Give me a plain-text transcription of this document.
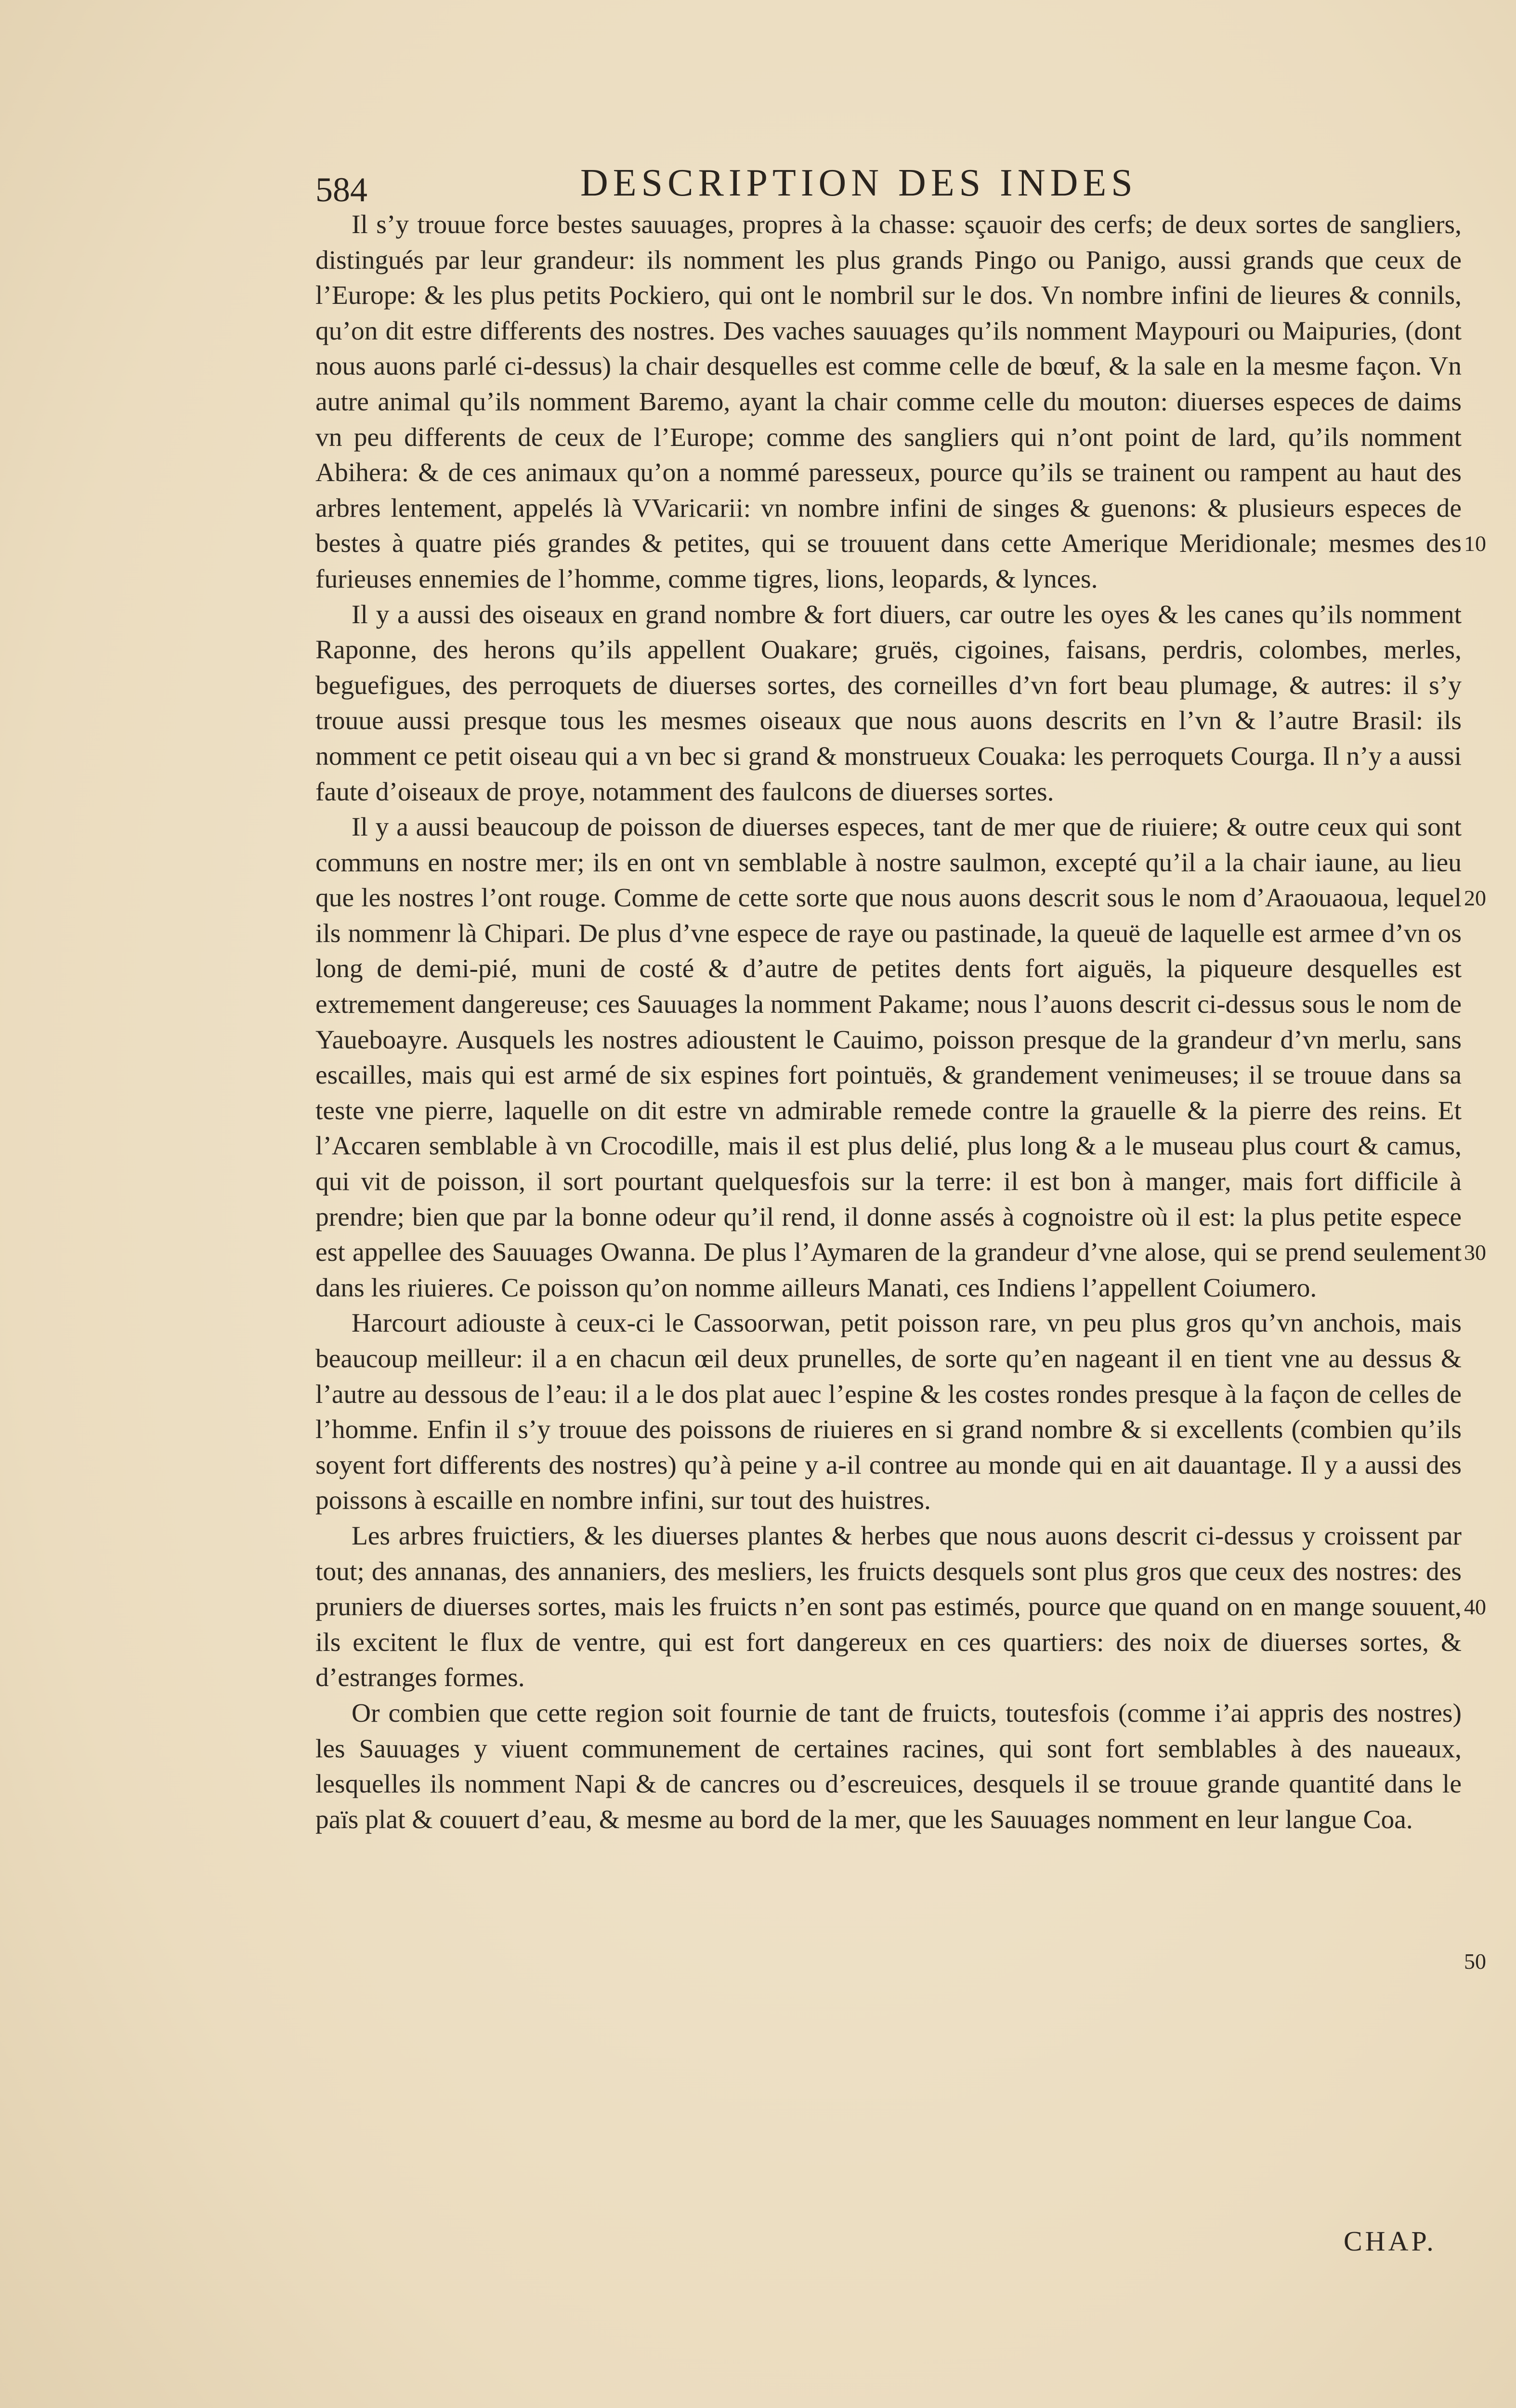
584	DESCRIPTION DES INDES

Il s’y trouue force bestes sauuages, propres à la chasse: sçauoir des cerfs; de deux sortes de sangliers, distingués par leur grandeur: ils nomment les plus grands Pingo ou Panigo, aussi grands que ceux de l’Europe: & les plus petits Pockiero, qui ont le nombril sur le dos. Vn nombre infini de lieures & connils, qu’on dit estre differents des nostres. Des vaches sauuages qu’ils nomment Maypouri ou Maipuries, (dont nous auons parlé ci-dessus) la chair desquelles est comme celle de bœuf, & la sale en la mesme façon. Vn autre animal qu’ils nomment Baremo, ayant la chair comme celle du mouton: diuerses especes de daims vn peu differents de ceux de l’Europe; comme des sangliers qui n’ont point de lard, qu’ils nomment Abihera: & de ces animaux qu’on a nommé paresseux, pource qu’ils se trainent ou rampent au haut des arbres lentement, appelés là VVaricarii: vn nombre infini de singes & guenons: & plusieurs especes de bestes à quatre piés grandes & petites, qui se trouuent dans cette Amerique Meridionale; mesmes des furieuses ennemies de l’homme, comme tigres, lions, leopards, & lynces.

Il y a aussi des oiseaux en grand nombre & fort diuers, car outre les oyes & les canes qu’ils nomment Raponne, des herons qu’ils appellent Ouakare; gruës, cigoines, faisans, perdris, colombes, merles, beguefigues, des perroquets de diuerses sortes, des corneilles d’vn fort beau plumage, & autres: il s’y trouue aussi presque tous les mesmes oiseaux que nous auons descrits en l’vn & l’autre Brasil: ils nomment ce petit oiseau qui a vn bec si grand & monstrueux Couaka: les perroquets Courga. Il n’y a aussi faute d’oiseaux de proye, notamment des faulcons de diuerses sortes.

Il y a aussi beaucoup de poisson de diuerses especes, tant de mer que de riuiere; & outre ceux qui sont communs en nostre mer; ils en ont vn semblable à nostre saulmon, excepté qu’il a la chair iaune, au lieu que les nostres l’ont rouge. Comme de cette sorte que nous auons descrit sous le nom d’Araouaoua, lequel ils nommenr là Chipari. De plus d’vne espece de raye ou pastinade, la queuë de laquelle est armee d’vn os long de demi-pié, muni de costé & d’autre de petites dents fort aiguës, la piqueure desquelles est extremement dangereuse; ces Sauuages la nomment Pakame; nous l’auons descrit ci-dessus sous le nom de Yaueboayre. Ausquels les nostres adioustent le Cauimo, poisson presque de la grandeur d’vn merlu, sans escailles, mais qui est armé de six espines fort pointuës, & grandement venimeuses; il se trouue dans sa teste vne pierre, laquelle on dit estre vn admirable remede contre la grauelle & la pierre des reins. Et l’Accaren semblable à vn Crocodille, mais il est plus delié, plus long & a le museau plus court & camus, qui vit de poisson, il sort pourtant quelquesfois sur la terre: il est bon à manger, mais fort difficile à prendre; bien que par la bonne odeur qu’il rend, il donne assés à cognoistre où il est: la plus petite espece est appellee des Sauuages Owanna. De plus l’Aymaren de la grandeur d’vne alose, qui se prend seulement dans les riuieres. Ce poisson qu’on nomme ailleurs Manati, ces Indiens l’appellent Coiumero.

Harcourt adiouste à ceux-ci le Cassoorwan, petit poisson rare, vn peu plus gros qu’vn anchois, mais beaucoup meilleur: il a en chacun œil deux prunelles, de sorte qu’en nageant il en tient vne au dessus & l’autre au dessous de l’eau: il a le dos plat auec l’espine & les costes rondes presque à la façon de celles de l’homme. Enfin il s’y trouue des poissons de riuieres en si grand nombre & si excellents (combien qu’ils soyent fort differents des nostres) qu’à peine y a-il contree au monde qui en ait dauantage. Il y a aussi des poissons à escaille en nombre infini, sur tout des huistres.

Les arbres fruictiers, & les diuerses plantes & herbes que nous auons descrit ci-dessus y croissent par tout; des annanas, des annaniers, des mesliers, les fruicts desquels sont plus gros que ceux des nostres: des pruniers de diuerses sortes, mais les fruicts n’en sont pas estimés, pource que quand on en mange souuent, ils excitent le flux de ventre, qui est fort dangereux en ces quartiers: des noix de diuerses sortes, & d’estranges formes.

Or combien que cette region soit fournie de tant de fruicts, toutesfois (comme i’ai appris des nostres) les Sauuages y viuent communement de certaines racines, qui sont fort semblables à des naueaux, lesquelles ils nomment Napi & de cancres ou d’escreuices, desquels il se trouue grande quantité dans le païs plat & couuert d’eau, & mesme au bord de la mer, que les Sauuages nomment en leur langue Coa.

10
20
30
40
50
CHAP.
